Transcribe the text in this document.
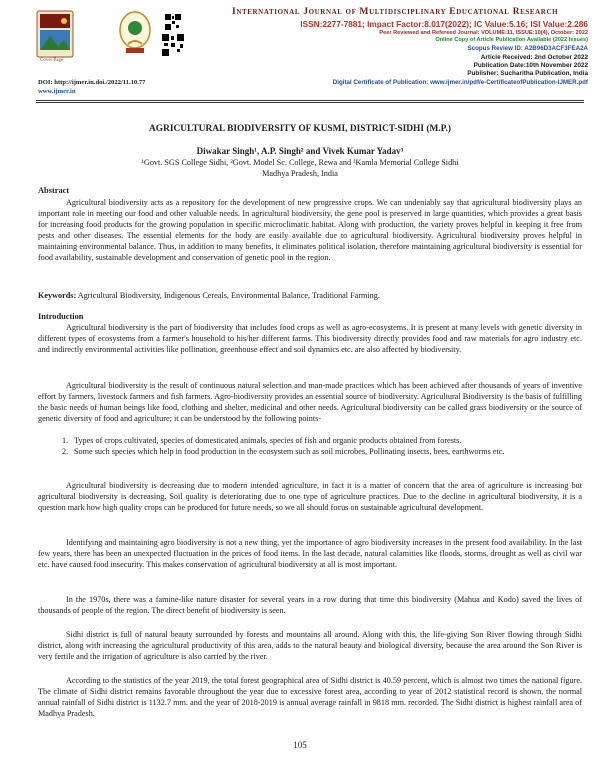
Cover Page
International Journal of Multidisciplinary Educational Research
ISSN:2277-7881; Impact Factor:8.017(2022); IC Value:5.16; ISI Value:2.286
Peer Reviewed and Refereed Journal: VOLUME:11, ISSUE:10(4), October: 2022
Online Copy of Article Publication Available (2022 Issues)
Scopus Review ID: A2B96D3ACF3FEA2A
Article Received: 2nd October 2022
Publication Date:10th November 2022
Publisher: Sucharitha Publication, India
Digital Certificate of Publication: www.ijmer.in/pdf/e-CertificateofPublication-IJMER.pdf
DOI: http://ijmer.in.doi./2022/11.10.77
www.ijmer.in
AGRICULTURAL BIODIVERSITY OF KUSMI, DISTRICT-SIDHI (M.P.)
Diwakar Singh¹, A.P. Singh² and Vivek Kumar Yadav³
¹Govt. SGS College Sidhi, ²Govt. Model Sc. College, Rewa and ³Kamla Memorial College Sidhi
Madhya Pradesh, India
Abstract
Agricultural biodiversity acts as a repository for the development of new progressive crops. We can undeniably say that agricultural biodiversity plays an important role in meeting our food and other valuable needs. In agricultural biodiversity, the gene pool is preserved in large quantities, which provides a great basis for increasing food products for the growing population in specific microclimatic habitat. Along with production, the variety proves helpful in keeping it free from pests and other diseases. The essential elements for the body are easily available due to agricultural biodiversity. Agricultural biodiversity proves helpful in maintaining environmental balance. Thus, in addition to many benefits, it eliminates political isolation, therefore maintaining agricultural biodiversity is essential for food availability, sustainable development and conservation of genetic pool in the region.
Keywords: Agricultural Biodiversity, Indigenous Cereals, Environmental Balance, Traditional Farming.
Introduction
Agricultural biodiversity is the part of biodiversity that includes food crops as well as agro-ecosystems. It is present at many levels with genetic diversity in different types of ecosystems from a farmer's household to his/her different farms. This biodiversity directly provides food and raw materials for agro industry etc. and indirectly environmental activities like pollination, greenhouse effect and soil dynamics etc. are also affected by biodiversity.
Agricultural biodiversity is the result of continuous natural selection and man-made practices which has been achieved after thousands of years of inventive effort by farmers, livestock farmers and fish farmers. Agro-biodiversity provides an essential source of biodiversity. Agricultural Biodiversity is the basis of fulfilling the basic needs of human beings like food, clothing and shelter, medicinal and other needs. Agricultural biodiversity can be called grass biodiversity or the source of genetic diversity of food and agriculture; it can be understood by the following points-
1. Types of crops cultivated, species of domesticated animals, species of fish and organic products obtained from forests.
2. Some such species which help in food production in the ecosystem such as soil microbes, Pollinating insects, bees, earthworms etc.
Agricultural biodiversity is decreasing due to modern intended agriculture, in fact it is a matter of concern that the area of agriculture is increasing but agricultural biodiversity is decreasing. Soil quality is deteriorating due to one type of agriculture practices. Due to the decline in agricultural biodiversity, it is a question mark how high quality crops can be produced for future needs, so we all should focus on sustainable agricultural development.
Identifying and maintaining agro biodiversity is not a new thing, yet the importance of agro biodiversity increases in the present food availability. In the last few years, there has been an unexpected fluctuation in the prices of food items. In the last decade, natural calamities like floods, storms, drought as well as civil war etc. have caused food insecurity. This makes conservation of agricultural biodiversity at all is most important.
In the 1970s, there was a famine-like nature disaster for several years in a row during that time this biodiversity (Mahua and Kodo) saved the lives of thousands of people of the region. The direct benefit of biodiversity is seen.
Sidhi district is full of natural beauty surrounded by forests and mountains all around. Along with this, the life-giving Son River flowing through Sidhi district, along with increasing the agricultural productivity of this area, adds to the natural beauty and biological diversity, because the area around the Son River is very fertile and the irrigation of agriculture is also carried by the river.
According to the statistics of the year 2019, the total forest geographical area of Sidhi district is 40.59 percent, which is almost two times the national figure. The climate of Sidhi district remains favorable throughout the year due to excessive forest area, according to year of 2012 statistical record is shown, the normal annual rainfall of Sidhi district is 1132.7 mm. and the year of 2018-2019 is annual average rainfall in 9818 mm. recorded. The Sidhi district is highest rainfall area of Madhya Pradesh.
105
